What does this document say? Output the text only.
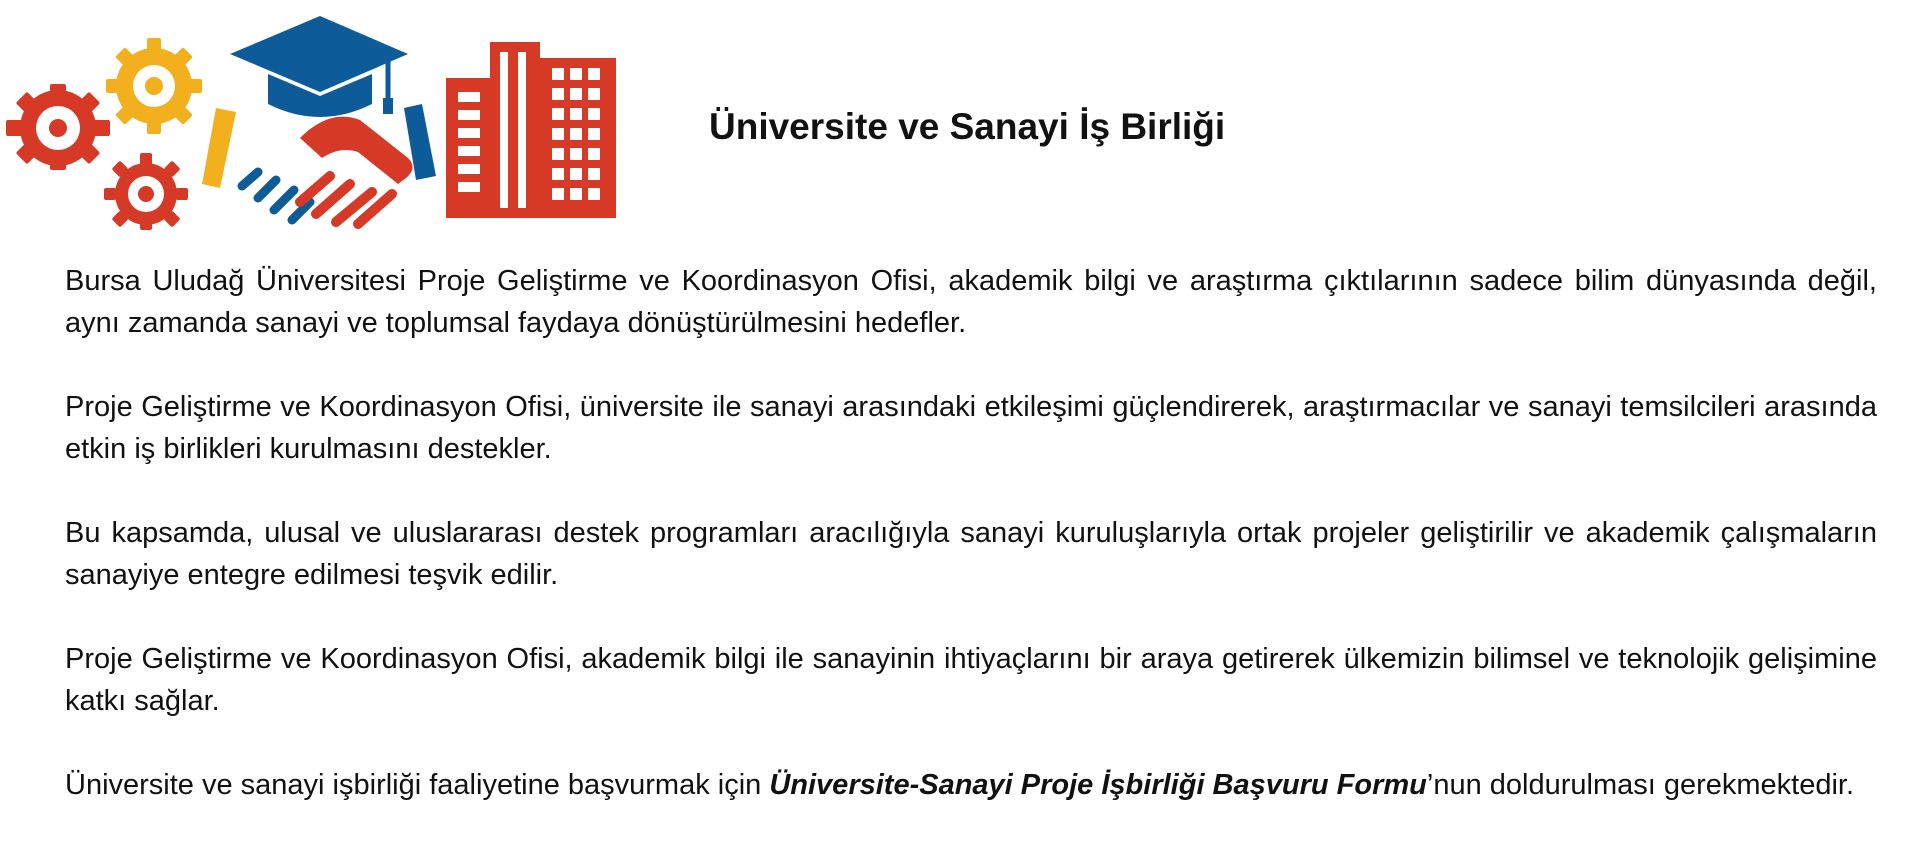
Üniversite ve Sanayi İş Birliği

Bursa Uludağ Üniversitesi Proje Geliştirme ve Koordinasyon Ofisi, akademik bilgi ve araştırma çıktılarının sadece bilim dünyasında değil, aynı zamanda sanayi ve toplumsal faydaya dönüştürülmesini hedefler.

Proje Geliştirme ve Koordinasyon Ofisi, üniversite ile sanayi arasındaki etkileşimi güçlendirerek, araştırmacılar ve sanayi temsilcileri arasında etkin iş birlikleri kurulmasını destekler.

Bu kapsamda, ulusal ve uluslararası destek programları aracılığıyla sanayi kuruluşlarıyla ortak projeler geliştirilir ve akademik çalışmaların sanayiye entegre edilmesi teşvik edilir.

Proje Geliştirme ve Koordinasyon Ofisi, akademik bilgi ile sanayinin ihtiyaçlarını bir araya getirerek ülkemizin bilimsel ve teknolojik gelişimine katkı sağlar.

Üniversite ve sanayi işbirliği faaliyetine başvurmak için Üniversite-Sanayi Proje İşbirliği Başvuru Formu’nun doldurulması gerekmektedir.
